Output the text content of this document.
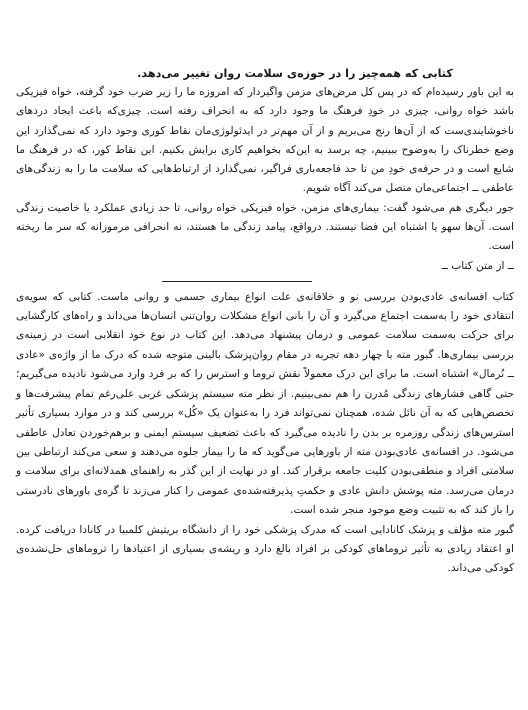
کتابی که همه‌چیز را در حوزه‌ی سلامت روان تغییر می‌دهد.

به این باور رسیده‌ام که در پس کل مرض‌های مزمن واگیردار که امروزه ما را زیر ضرب خود گرفته، خواه فیزیکی باشد خواه روانی، چیزی در خودِ فرهنگ ما وجود دارد که به انحراف رفته است. چیزی‌که باعث ایجاد دردهای ناخوشایندی‌ست که از آن‌ها رنج می‌بریم و از آن مهم‌تر در ایدئولوژی‌مان نقاط کوری وجود دارد که نمی‌گذارد این وضع خطرناک را به‌وضوح ببینیم، چه برسد به این‌که بخواهیم کاری برایش بکنیم. این نقاط کور، که در فرهنگ ما شایع است و در حرفه‌ی خودِ من تا حد فاجعه‌باری فراگیر، نمی‌گذارد از ارتباط‌هایی که سلامت ما را به زندگی‌های عاطفی ــ اجتماعی‌مان متصل می‌کند آگاه شویم.

جور دیگری هم می‌شود گفت: بیماری‌های مزمن، خواه فیزیکی خواه روانی، تا حد زیادی عملکرد یا خاصیت زندگی است. آن‌ها سهو یا اشتباه این فضا نیستند. درواقع، پیامد زندگی ما هستند، نه انحرافی مرموزانه که سر ما ریخته است.

ــ از متن کتاب ــ

کتاب افسانه‌ی عادی‌بودن بررسی نو و خلاقانه‌ی علت انواع بیماری جسمی و روانی ماست. کتابی که سویه‌ی انتقادی خود را به‌سمت اجتماع می‌گیرد و آن را بانی انواع مشکلات روان‌تنی انسان‌ها می‌داند و راه‌های کارگشایی برای حرکت به‌سمت سلامت عمومی و درمان پیشنهاد می‌دهد. این کتاب در نوع خود انقلابی است در زمینه‌ی بررسی بیماری‌ها. گبور مته با چهار دهه تجربه در مقام روان‌پزشک بالینی متوجه شده که درک ما از واژه‌ی «عادی ــ نُرمال» اشتباه است. ما برای این درک معمولاً نقش تروما و استرس را که بر فرد وارد می‌شود نادیده می‌گیریم؛ حتی گاهی فشارهای زندگی مُدرن را هم نمی‌بینیم. از نظر مته سیستم پزشکی غربی علی‌رغم تمام پیشرفت‌ها و تخصص‌هایی که به آن نائل شده، همچنان نمی‌تواند فرد را به‌عنوان یک «کُل» بررسی کند و در موارد بسیاری تأثیر استرس‌های زندگی روزمره بر بدن را نادیده می‌گیرد که باعث تضعیف سیستم ایمنی و برهم‌خوردن تعادل عاطفی می‌شود. در افسانه‌ی عادی‌بودن مته از باورهایی می‌گوید که ما را بیمار جلوه می‌دهند و سعی می‌کند ارتباطی بین سلامتی افراد و منطقی‌بودن کلیت جامعه برقرار کند. او در نهایت از این گذر به راهنمای همدلانه‌ای برای سلامت و درمان می‌رسد. مته پوشش دانش عادی و حکمتِ پذیرفته‌شده‌ی عمومی را کنار می‌زند تا گره‌ی باورهای نادرستی را باز کند که به تثبیت وضع موجود منجر شده است.

گبور مته مؤلف و پزشک کانادایی است که مدرک پزشکی خود را از دانشگاه بریتیش کلمبیا در کانادا دریافت کرده. او اعتقاد زیادی به تأثیر تروماهای کودکی بر افراد بالغ دارد و ریشه‌ی بسیاری از اعتیادها را تروماهای حل‌نشده‌ی کودکی می‌داند.
